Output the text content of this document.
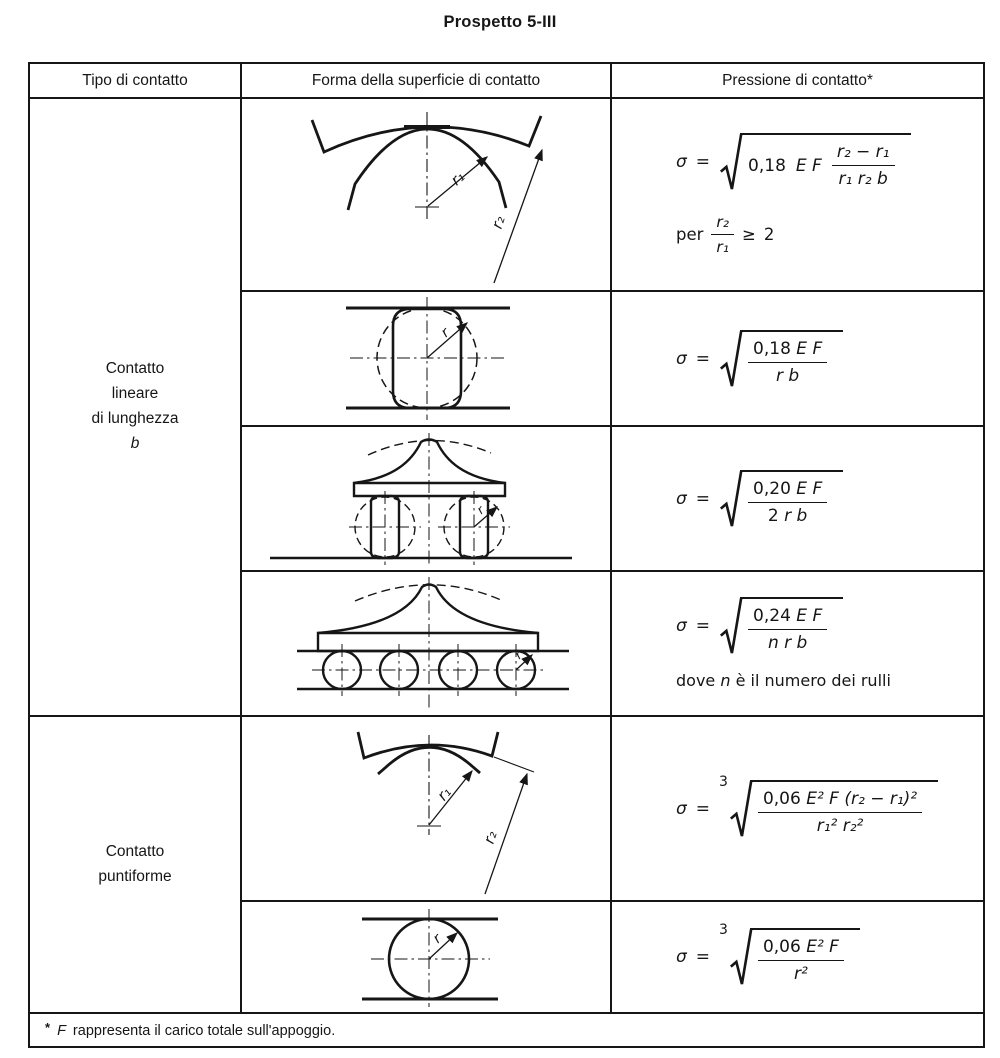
Prospetto 5-III
Tipo di contatto	Forma della superficie di contatto	Pressione di contatto*
Contatto
lineare
di lunghezza
b
Contatto
puntiforme
r₁
r₂
σ = 0,18 E F $\frac{\text{r₂ − r₁}}{\text{r₁ r₂ b}}$
per $\frac{\text{r₂}}{\text{r₁}} \ge 2$
r
$\sigma = \frac{\text{0,18 E F}}{\text{r b}}$
r
$\sigma = \frac{\text{0,20 E F}}{\text{2 r b}}$
r
$\sigma = \frac{\text{0,24 E F}}{\text{n r b}}$
dove n è il numero dei rulli
r₁
r₂
σ =
3
$\frac{\text{0,06 E² F (r₂ − r₁)²}}{\text{r₁² r₂²}}$
r
σ =
3
$\frac{\text{0,06 E² F}}{\text{r²}}$
* F rappresenta il carico totale sull'appoggio.
